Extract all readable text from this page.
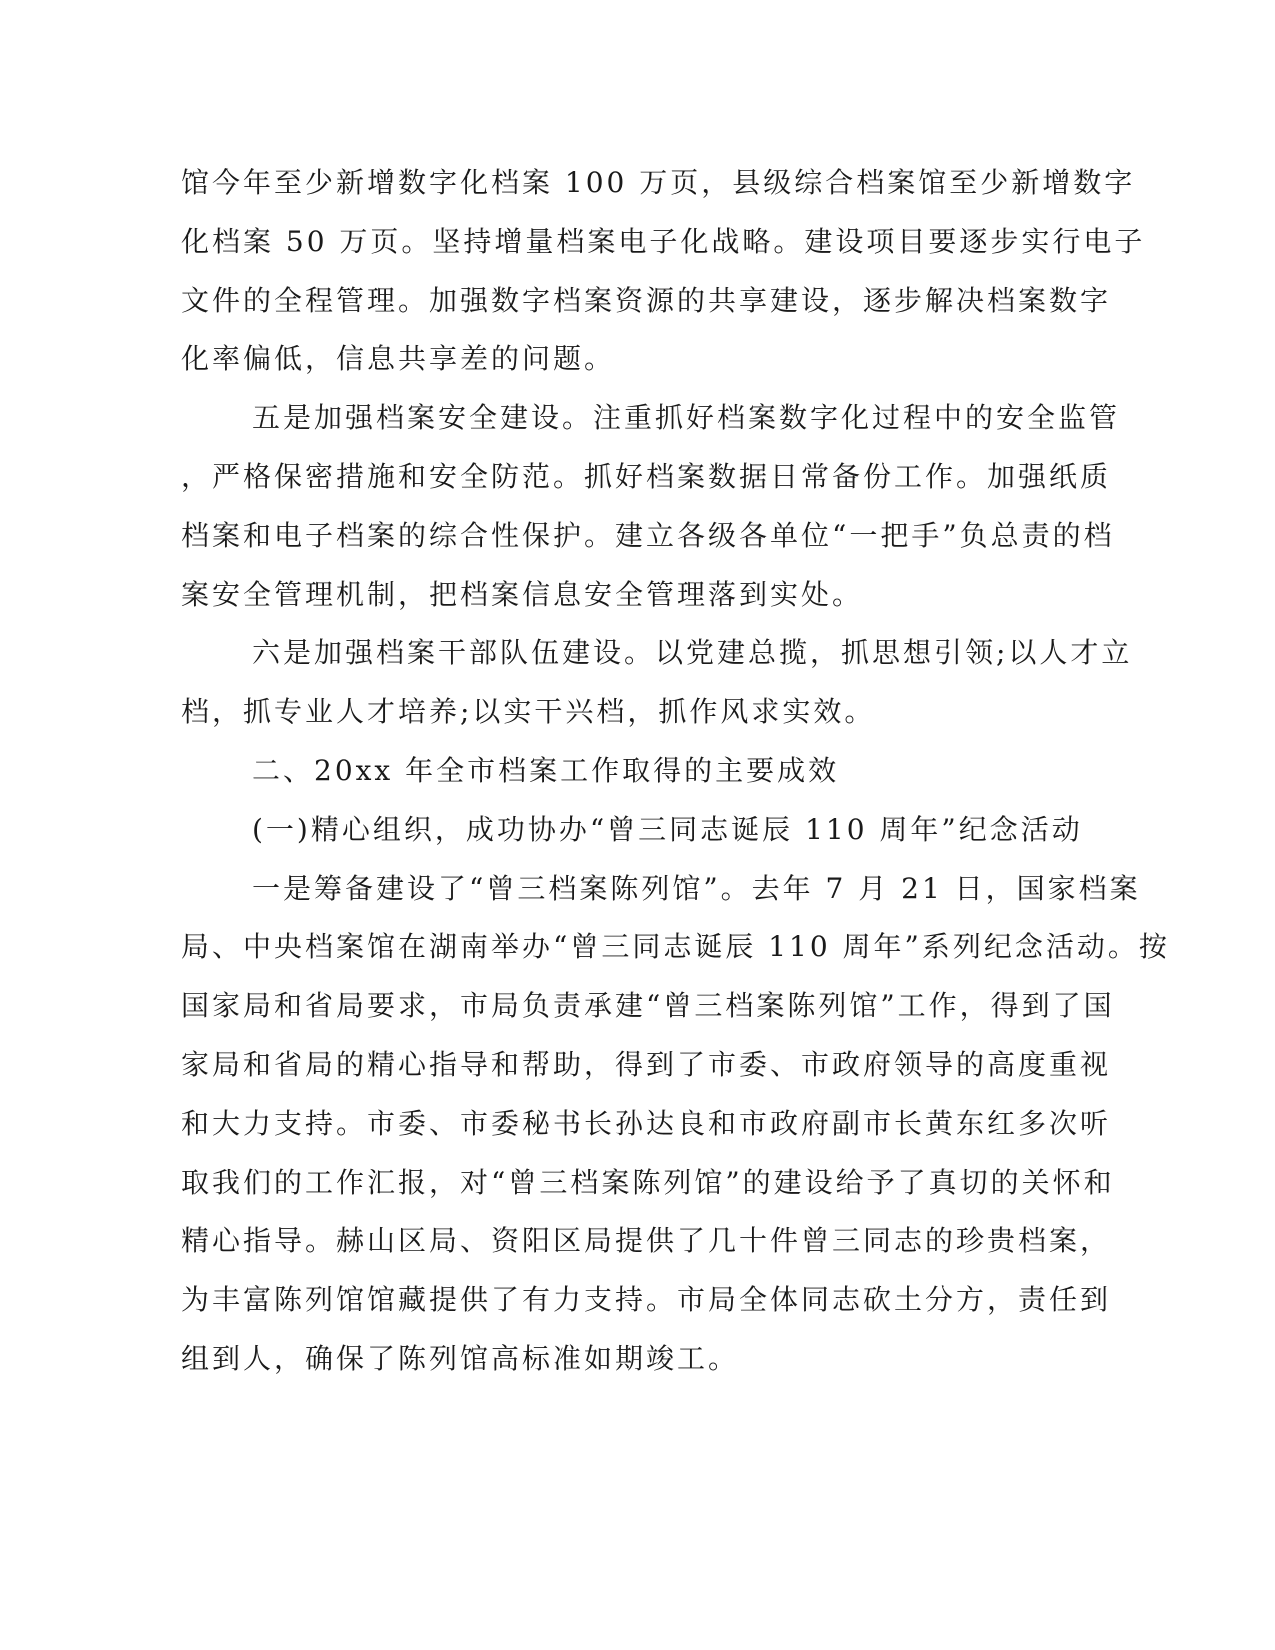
馆今年至少新增数字化档案 100 万页，县级综合档案馆至少新增数字
化档案 50 万页。坚持增量档案电子化战略。建设项目要逐步实行电子
文件的全程管理。加强数字档案资源的共享建设，逐步解决档案数字
化率偏低，信息共享差的问题。
五是加强档案安全建设。注重抓好档案数字化过程中的安全监管
，严格保密措施和安全防范。抓好档案数据日常备份工作。加强纸质
档案和电子档案的综合性保护。建立各级各单位“一把手”负总责的档
案安全管理机制，把档案信息安全管理落到实处。
六是加强档案干部队伍建设。以党建总揽，抓思想引领;以人才立
档，抓专业人才培养;以实干兴档，抓作风求实效。
二、20xx 年全市档案工作取得的主要成效
(一)精心组织，成功协办“曾三同志诞辰 110 周年”纪念活动
一是筹备建设了“曾三档案陈列馆”。去年 7 月 21 日，国家档案
局、中央档案馆在湖南举办“曾三同志诞辰 110 周年”系列纪念活动。按
国家局和省局要求，市局负责承建“曾三档案陈列馆”工作，得到了国
家局和省局的精心指导和帮助，得到了市委、市政府领导的高度重视
和大力支持。市委、市委秘书长孙达良和市政府副市长黄东红多次听
取我们的工作汇报，对“曾三档案陈列馆”的建设给予了真切的关怀和
精心指导。赫山区局、资阳区局提供了几十件曾三同志的珍贵档案，
为丰富陈列馆馆藏提供了有力支持。市局全体同志砍土分方，责任到
组到人，确保了陈列馆高标准如期竣工。
